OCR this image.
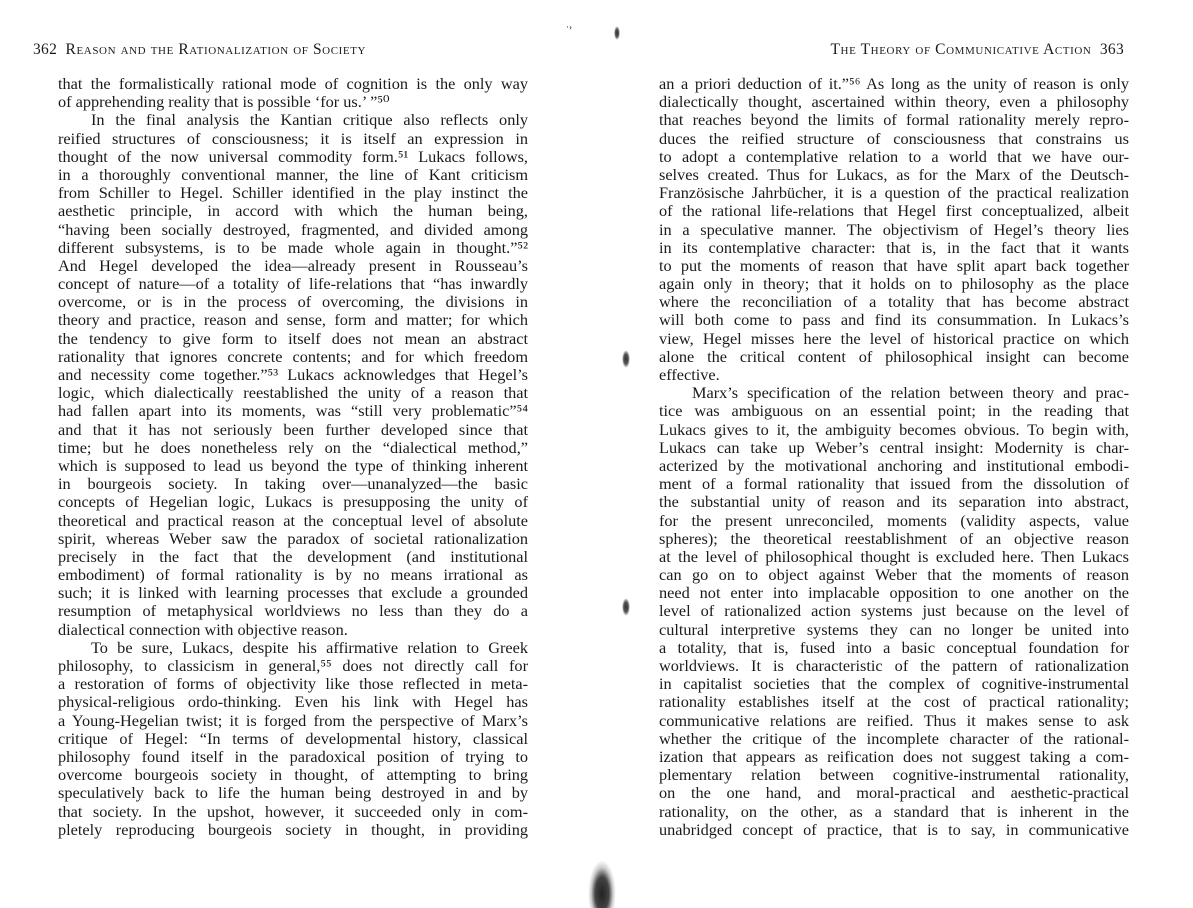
362 Reason and the Rationalization of Society
that the formalistically rational mode of cognition is the only way
of apprehending reality that is possible ‘for us.’ ”⁵⁰
In the final analysis the Kantian critique also reflects only
reified structures of consciousness; it is itself an expression in
thought of the now universal commodity form.⁵¹ Lukacs follows,
in a thoroughly conventional manner, the line of Kant criticism
from Schiller to Hegel. Schiller identified in the play instinct the
aesthetic principle, in accord with which the human being,
“having been socially destroyed, fragmented, and divided among
different subsystems, is to be made whole again in thought.”⁵²
And Hegel developed the idea—already present in Rousseau’s
concept of nature—of a totality of life-relations that “has inwardly
overcome, or is in the process of overcoming, the divisions in
theory and practice, reason and sense, form and matter; for which
the tendency to give form to itself does not mean an abstract
rationality that ignores concrete contents; and for which freedom
and necessity come together.”⁵³ Lukacs acknowledges that Hegel’s
logic, which dialectically reestablished the unity of a reason that
had fallen apart into its moments, was “still very problematic”⁵⁴
and that it has not seriously been further developed since that
time; but he does nonetheless rely on the “dialectical method,”
which is supposed to lead us beyond the type of thinking inherent
in bourgeois society. In taking over—unanalyzed—the basic
concepts of Hegelian logic, Lukacs is presupposing the unity of
theoretical and practical reason at the conceptual level of absolute
spirit, whereas Weber saw the paradox of societal rationalization
precisely in the fact that the development (and institutional
embodiment) of formal rationality is by no means irrational as
such; it is linked with learning processes that exclude a grounded
resumption of metaphysical worldviews no less than they do a
dialectical connection with objective reason.
To be sure, Lukacs, despite his affirmative relation to Greek
philosophy, to classicism in general,⁵⁵ does not directly call for
a restoration of forms of objectivity like those reflected in meta-
physical-religious ordo-thinking. Even his link with Hegel has
a Young-Hegelian twist; it is forged from the perspective of Marx’s
critique of Hegel: “In terms of developmental history, classical
philosophy found itself in the paradoxical position of trying to
overcome bourgeois society in thought, of attempting to bring
speculatively back to life the human being destroyed in and by
that society. In the upshot, however, it succeeded only in com-
pletely reproducing bourgeois society in thought, in providing
The Theory of Communicative Action 363
an a priori deduction of it.”⁵⁶ As long as the unity of reason is only
dialectically thought, ascertained within theory, even a philosophy
that reaches beyond the limits of formal rationality merely repro-
duces the reified structure of consciousness that constrains us
to adopt a contemplative relation to a world that we have our-
selves created. Thus for Lukacs, as for the Marx of the Deutsch-
Französische Jahrbücher, it is a question of the practical realization
of the rational life-relations that Hegel first conceptualized, albeit
in a speculative manner. The objectivism of Hegel’s theory lies
in its contemplative character: that is, in the fact that it wants
to put the moments of reason that have split apart back together
again only in theory; that it holds on to philosophy as the place
where the reconciliation of a totality that has become abstract
will both come to pass and find its consummation. In Lukacs’s
view, Hegel misses here the level of historical practice on which
alone the critical content of philosophical insight can become
effective.
Marx’s specification of the relation between theory and prac-
tice was ambiguous on an essential point; in the reading that
Lukacs gives to it, the ambiguity becomes obvious. To begin with,
Lukacs can take up Weber’s central insight: Modernity is char-
acterized by the motivational anchoring and institutional embodi-
ment of a formal rationality that issued from the dissolution of
the substantial unity of reason and its separation into abstract,
for the present unreconciled, moments (validity aspects, value
spheres); the theoretical reestablishment of an objective reason
at the level of philosophical thought is excluded here. Then Lukacs
can go on to object against Weber that the moments of reason
need not enter into implacable opposition to one another on the
level of rationalized action systems just because on the level of
cultural interpretive systems they can no longer be united into
a totality, that is, fused into a basic conceptual foundation for
worldviews. It is characteristic of the pattern of rationalization
in capitalist societies that the complex of cognitive-instrumental
rationality establishes itself at the cost of practical rationality;
communicative relations are reified. Thus it makes sense to ask
whether the critique of the incomplete character of the rational-
ization that appears as reification does not suggest taking a com-
plementary relation between cognitive-instrumental rationality,
on the one hand, and moral-practical and aesthetic-practical
rationality, on the other, as a standard that is inherent in the
unabridged concept of practice, that is to say, in communicative
·›
